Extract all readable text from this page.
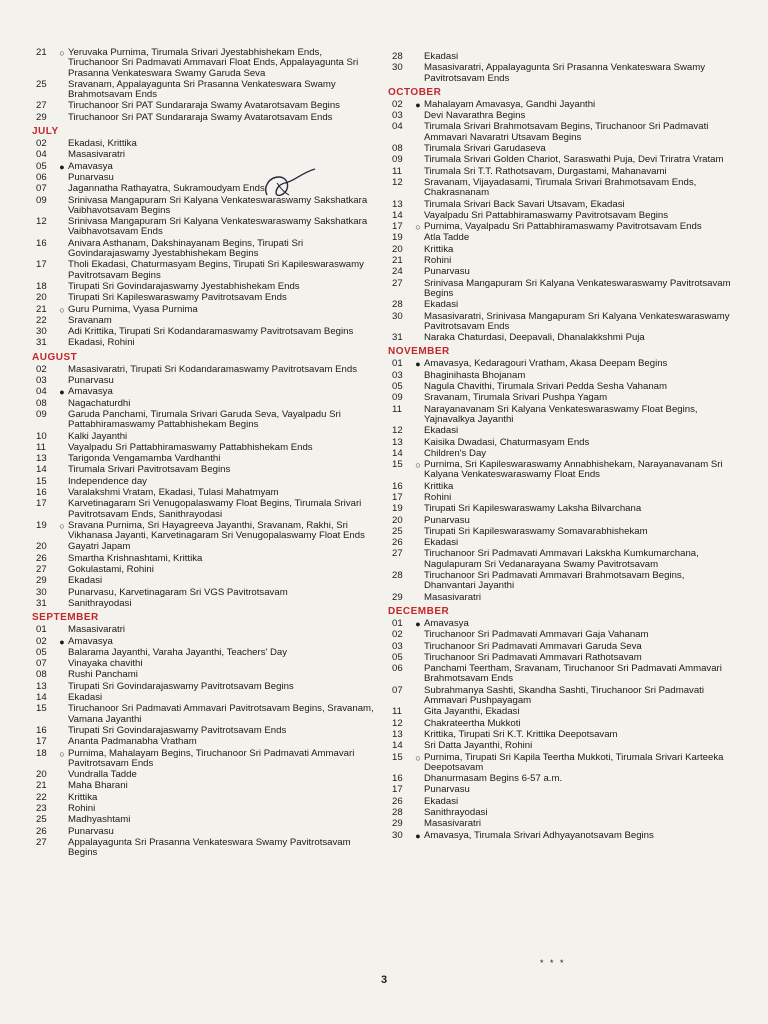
21	○ Yeruvaka Purnima, Tirumala Srivari Jyestabhishekam Ends, Tiruchanoor Sri Padmavati Ammavari Float Ends, Appalayagunta Sri Prasanna Venkateswara Swamy Garuda Seva
25	Sravanam, Appalayagunta Sri Prasanna Venkateswara Swamy Brahmotsavam Ends
27	Tiruchanoor Sri PAT Sundararaja Swamy Avatarotsavam Begins
29	Tiruchanoor Sri PAT Sundararaja Swamy Avatarotsavam Ends
JULY
02	Ekadasi, Krittika
04	Masasivaratri
05	● Amavasya
06	Punarvasu
07	Jagannatha Rathayatra, Sukramoudyam Ends
09	Srinivasa Mangapuram Sri Kalyana Venkateswaraswamy Sakshatkara Vaibhavotsavam Begins
12	Srinivasa Mangapuram Sri Kalyana Venkateswaraswamy Sakshatkara Vaibhavotsavam Ends
16	Anivara Asthanam, Dakshinayanam Begins, Tirupati Sri Govindarajaswamy Jyestabhishekam Begins
17	Tholi Ekadasi, Chaturmasyam Begins, Tirupati Sri Kapileswaraswamy Pavitrotsavam Begins
18	Tirupati Sri Govindarajaswamy Jyestabhishekam Ends
20	Tirupati Sri Kapileswaraswamy Pavitrotsavam Ends
21	○ Guru Purnima, Vyasa Purnima
22	Sravanam
30	Adi Krittika, Tirupati Sri Kodandaramaswamy Pavitrotsavam Begins
31	Ekadasi, Rohini
AUGUST
02	Masasivaratri, Tirupati Sri Kodandaramaswamy Pavitrotsavam Ends
03	Punarvasu
04	● Amavasya
08	Nagachaturdhi
09	Garuda Panchami, Tirumala Srivari Garuda Seva, Vayalpadu Sri Pattabhiramaswamy Pattabhishekam Begins
10	Kalki Jayanthi
11	Vayalpadu Sri Pattabhiramaswamy Pattabhishekam Ends
13	Tarigonda Vengamamba Vardhanthi
14	Tirumala Srivari Pavitrotsavam Begins
15	Independence day
16	Varalakshmi Vratam, Ekadasi, Tulasi Mahatmyam
17	Karvetinagaram Sri Venugopalaswamy Float Begins, Tirumala Srivari Pavitrotsavam Ends, Sanithrayodasi
19	○ Sravana Purnima, Sri Hayagreeva Jayanthi, Sravanam, Rakhi, Sri Vikhanasa Jayanti, Karvetinagaram Sri Venugopalaswamy Float Ends
20	Gayatri Japam
26	Smartha Krishnashtami, Krittika
27	Gokulastami, Rohini
29	Ekadasi
30	Punarvasu, Karvetinagaram Sri VGS Pavitrotsavam
31	Sanithrayodasi
SEPTEMBER
01	Masasivaratri
02	● Amavasya
05	Balarama Jayanthi, Varaha Jayanthi, Teachers' Day
07	Vinayaka chavithi
08	Rushi Panchami
13	Tirupati Sri Govindarajaswamy Pavitrotsavam Begins
14	Ekadasi
15	Tiruchanoor Sri Padmavati Ammavari Pavitrotsavam Begins, Sravanam, Vamana Jayanthi
16	Tirupati Sri Govindarajaswamy Pavitrotsavam Ends
17	Ananta Padmanabha Vratham
18	○ Purnima, Mahalayam Begins, Tiruchanoor Sri Padmavati Ammavari Pavitrotsavam Ends
20	Vundralla Tadde
21	Maha Bharani
22	Krittika
23	Rohini
25	Madhyashtami
26	Punarvasu
27	Appalayagunta Sri Prasanna Venkateswara Swamy Pavitrotsavam Begins
28	Ekadasi
30	Masasivaratri, Appalayagunta Sri Prasanna Venkateswara Swamy Pavitrotsavam Ends
OCTOBER
02	● Mahalayam Amavasya, Gandhi Jayanthi
03	Devi Navarathra Begins
04	Tirumala Srivari Brahmotsavam Begins, Tiruchanoor Sri Padmavati Ammavari Navaratri Utsavam Begins
08	Tirumala Srivari Garudaseva
09	Tirumala Srivari Golden Chariot, Saraswathi Puja, Devi Triratra Vratam
11	Tirumala Sri T.T. Rathotsavam, Durgastami, Mahanavami
12	Sravanam, Vijayadasami, Tirumala Srivari Brahmotsavam Ends, Chakrasnanam
13	Tirumala Srivari Back Savari Utsavam, Ekadasi
14	Vayalpadu Sri Pattabhiramaswamy Pavitrotsavam Begins
17	○ Purnima, Vayalpadu Sri Pattabhiramaswamy Pavitrotsavam Ends
19	Atla Tadde
20	Krittika
21	Rohini
24	Punarvasu
27	Srinivasa Mangapuram Sri Kalyana Venkateswaraswamy Pavitrotsavam Begins
28	Ekadasi
30	Masasivaratri, Srinivasa Mangapuram Sri Kalyana Venkateswaraswamy Pavitrotsavam Ends
31	Naraka Chaturdasi, Deepavali, Dhanalakkshmi Puja
NOVEMBER
01	● Amavasya, Kedaragouri Vratham, Akasa Deepam Begins
03	Bhaginihasta Bhojanam
05	Nagula Chavithi, Tirumala Srivari Pedda Sesha Vahanam
09	Sravanam, Tirumala Srivari Pushpa Yagam
11	Narayanavanam Sri Kalyana Venkateswaraswamy Float Begins, Yajnavalkya Jayanthi
12	Ekadasi
13	Kaisika Dwadasi, Chaturmasyam Ends
14	Children's Day
15	○ Purnima, Sri Kapileswaraswamy Annabhishekam, Narayanavanam Sri Kalyana Venkateswaraswamy Float Ends
16	Krittika
17	Rohini
19	Tirupati Sri Kapileswaraswamy Laksha Bilvarchana
20	Punarvasu
25	Tirupati Sri Kapileswaraswamy Somavarabhishekam
26	Ekadasi
27	Tiruchanoor Sri Padmavati Ammavari Lakskha Kumkumarchana, Nagulapuram Sri Vedanarayana Swamy Pavitrotsavam
28	Tiruchanoor Sri Padmavati Ammavari Brahmotsavam Begins, Dhanvantari Jayanthi
29	Masasivaratri
DECEMBER
01	● Amavasya
02	Tiruchanoor Sri Padmavati Ammavari Gaja Vahanam
03	Tiruchanoor Sri Padmavati Ammavari Garuda Seva
05	Tiruchanoor Sri Padmavati Ammavari Rathotsavam
06	Panchami Teertham, Sravanam, Tiruchanoor Sri Padmavati Ammavari Brahmotsavam Ends
07	Subrahmanya Sashti, Skandha Sashti, Tiruchanoor Sri Padmavati Ammavari Pushpayagam
11	Gita Jayanthi, Ekadasi
12	Chakrateertha Mukkoti
13	Krittika, Tirupati Sri K.T. Krittika Deepotsavam
14	Sri Datta Jayanthi, Rohini
15	○ Purnima, Tirupati Sri Kapila Teertha Mukkoti, Tirumala Srivari Karteeka Deepotsavam
16	Dhanurmasam Begins 6-57 a.m.
17	Punarvasu
26	Ekadasi
28	Sanithrayodasi
29	Masasivaratri
30	● Amavasya, Tirumala Srivari Adhyayanotsavam Begins
* * *
3
